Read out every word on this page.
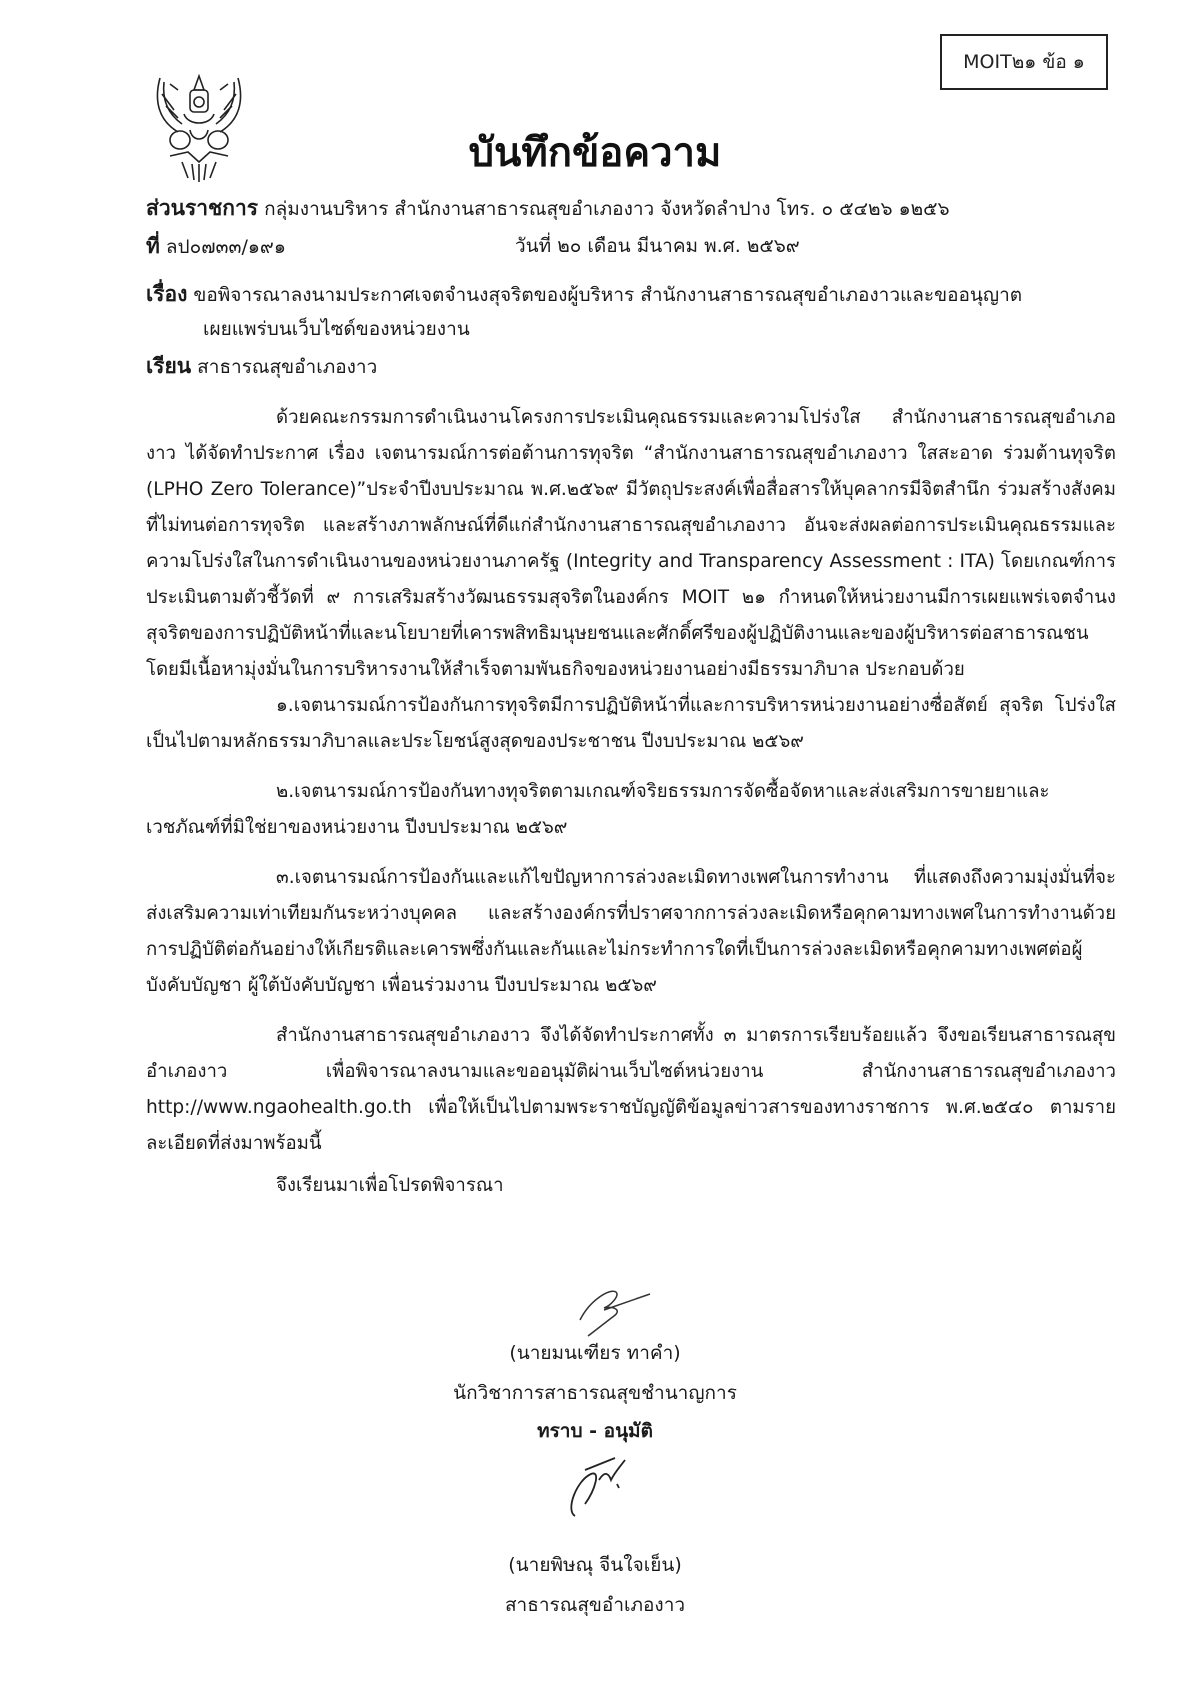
MOIT๒๑ ข้อ ๑
บันทึกข้อความ
ส่วนราชการ กลุ่มงานบริหาร สำนักงานสาธารณสุขอำเภองาว จังหวัดลำปาง โทร. ๐ ๕๔๒๖ ๑๒๕๖
ที่ ลป๐๗๓๓/๑๙๑	วันที่ ๒๐ เดือน มีนาคม พ.ศ. ๒๕๖๙
เรื่อง ขอพิจารณาลงนามประกาศเจตจำนงสุจริตของผู้บริหาร สำนักงานสาธารณสุขอำเภองาวและขออนุญาต
เผยแพร่บนเว็บไซด์ของหน่วยงาน
เรียน สาธารณสุขอำเภองาว

ด้วยคณะกรรมการดำเนินงานโครงการประเมินคุณธรรมและความโปร่งใส สำนักงานสาธารณสุขอำเภองาว ได้จัดทำประกาศ เรื่อง เจตนารมณ์การต่อต้านการทุจริต “สำนักงานสาธารณสุขอำเภองาว ใสสะอาด ร่วมต้านทุจริต (LPHO Zero Tolerance)”ประจำปีงบประมาณ พ.ศ.๒๕๖๙ มีวัตถุประสงค์เพื่อสื่อสารให้บุคลากรมีจิตสำนึก ร่วมสร้างสังคมที่ไม่ทนต่อการทุจริต และสร้างภาพลักษณ์ที่ดีแก่สำนักงานสาธารณสุขอำเภองาว อันจะส่งผลต่อการประเมินคุณธรรมและความโปร่งใสในการดำเนินงานของหน่วยงานภาครัฐ (Integrity and Transparency Assessment : ITA) โดยเกณฑ์การประเมินตามตัวชี้วัดที่ ๙ การเสริมสร้างวัฒนธรรมสุจริตในองค์กร MOIT ๒๑ กำหนดให้หน่วยงานมีการเผยแพร่เจตจำนงสุจริตของการปฏิบัติหน้าที่และนโยบายที่เคารพสิทธิมนุษยชนและศักดิ์ศรีของผู้ปฏิบัติงานและของผู้บริหารต่อสาธารณชน โดยมีเนื้อหามุ่งมั่นในการบริหารงานให้สำเร็จตามพันธกิจของหน่วยงานอย่างมีธรรมาภิบาล ประกอบด้วย

๑.เจตนารมณ์การป้องกันการทุจริตมีการปฏิบัติหน้าที่และการบริหารหน่วยงานอย่างซื่อสัตย์ สุจริต โปร่งใส เป็นไปตามหลักธรรมาภิบาลและประโยชน์สูงสุดของประชาชน ปีงบประมาณ ๒๕๖๙

๒.เจตนารมณ์การป้องกันทางทุจริตตามเกณฑ์จริยธรรมการจัดซื้อจัดหาและส่งเสริมการขายยาและเวชภัณฑ์ที่มิใช่ยาของหน่วยงาน ปีงบประมาณ ๒๕๖๙

๓.เจตนารมณ์การป้องกันและแก้ไขปัญหาการล่วงละเมิดทางเพศในการทำงาน ที่แสดงถึงความมุ่งมั่นที่จะส่งเสริมความเท่าเทียมกันระหว่างบุคคล และสร้างองค์กรที่ปราศจากการล่วงละเมิดหรือคุกคามทางเพศในการทำงานด้วยการปฏิบัติต่อกันอย่างให้เกียรติและเคารพซึ่งกันและกันและไม่กระทำการใดที่เป็นการล่วงละเมิดหรือคุกคามทางเพศต่อผู้บังคับบัญชา ผู้ใต้บังคับบัญชา เพื่อนร่วมงาน ปีงบประมาณ ๒๕๖๙

สำนักงานสาธารณสุขอำเภองาว จึงได้จัดทำประกาศทั้ง ๓ มาตรการเรียบร้อยแล้ว จึงขอเรียนสาธารณสุขอำเภองาว เพื่อพิจารณาลงนามและขออนุมัติผ่านเว็บไซต์หน่วยงาน สำนักงานสาธารณสุขอำเภองาว http://www.ngaohealth.go.th เพื่อให้เป็นไปตามพระราชบัญญัติข้อมูลข่าวสารของทางราชการ พ.ศ.๒๕๔๐ ตามรายละเอียดที่ส่งมาพร้อมนี้

จึงเรียนมาเพื่อโปรดพิจารณา

(นายมนเฑียร ทาคำ)
นักวิชาการสาธารณสุขชำนาญการ
ทราบ - อนุมัติ
(นายพิษณุ จีนใจเย็น)
สาธารณสุขอำเภองาว
